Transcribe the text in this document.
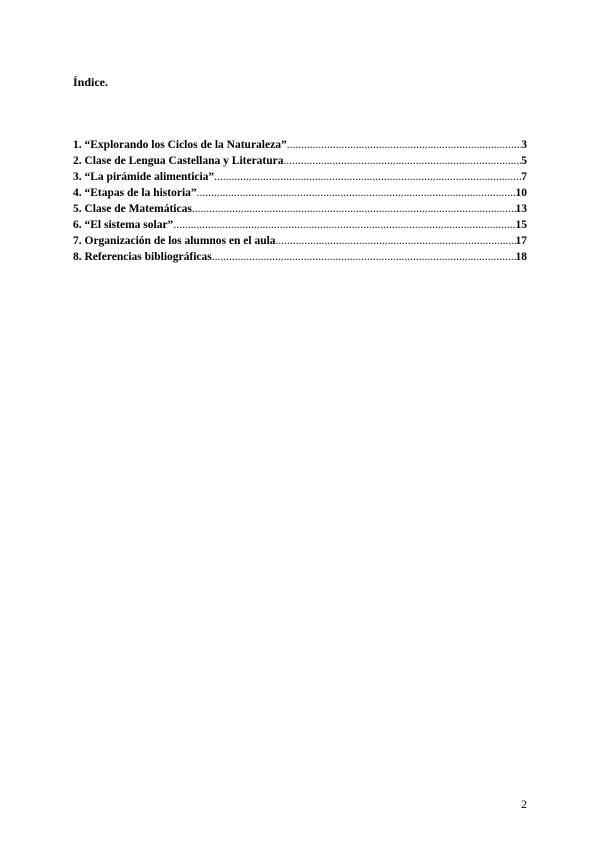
Índice.
1. “Explorando los Ciclos de la Naturaleza” .....	3
2. Clase de Lengua Castellana y Literatura .....	5
3. “La pirámide alimenticia” .....	7
4. “Etapas de la historia” .....	10
5. Clase de Matemáticas .....	13
6. “El sistema solar” .....	15
7. Organización de los alumnos en el aula .....	17
8. Referencias bibliográficas .....	18
2
